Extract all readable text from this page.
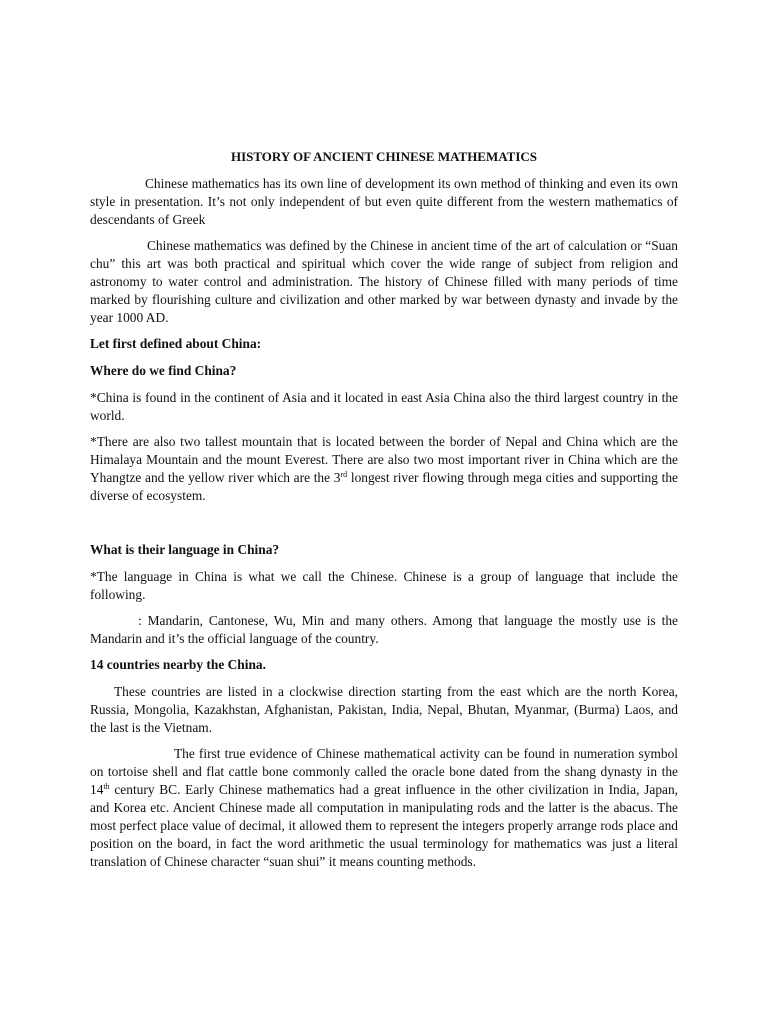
HISTORY OF ANCIENT CHINESE MATHEMATICS

Chinese mathematics has its own line of development its own method of thinking and even its own style in presentation. It’s not only independent of but even quite different from the western mathematics of descendants of Greek

Chinese mathematics was defined by the Chinese in ancient time of the art of calculation or “Suan chu” this art was both practical and spiritual which cover the wide range of subject from religion and astronomy to water control and administration. The history of Chinese filled with many periods of time marked by flourishing culture and civilization and other marked by war between dynasty and invade by the year 1000 AD.

Let first defined about China:

Where do we find China?

*China is found in the continent of Asia and it located in east Asia China also the third largest country in the world.

*There are also two tallest mountain that is located between the border of Nepal and China which are the Himalaya Mountain and the mount Everest. There are also two most important river in China which are the Yhangtze and the yellow river which are the 3rd longest river flowing through mega cities and supporting the diverse of ecosystem.

What is their language in China?

*The language in China is what we call the Chinese. Chinese is a group of language that include the following.

: Mandarin, Cantonese, Wu, Min and many others. Among that language the mostly use is the Mandarin and it’s the official language of the country.

14 countries nearby the China.

These countries are listed in a clockwise direction starting from the east which are the north Korea, Russia, Mongolia, Kazakhstan, Afghanistan, Pakistan, India, Nepal, Bhutan, Myanmar, (Burma) Laos, and the last is the Vietnam.

The first true evidence of Chinese mathematical activity can be found in numeration symbol on tortoise shell and flat cattle bone commonly called the oracle bone dated from the shang dynasty in the 14th century BC. Early Chinese mathematics had a great influence in the other civilization in India, Japan, and Korea etc. Ancient Chinese made all computation in manipulating rods and the latter is the abacus. The most perfect place value of decimal, it allowed them to represent the integers properly arrange rods place and position on the board, in fact the word arithmetic the usual terminology for mathematics was just a literal translation of Chinese character “suan shui” it means counting methods.
